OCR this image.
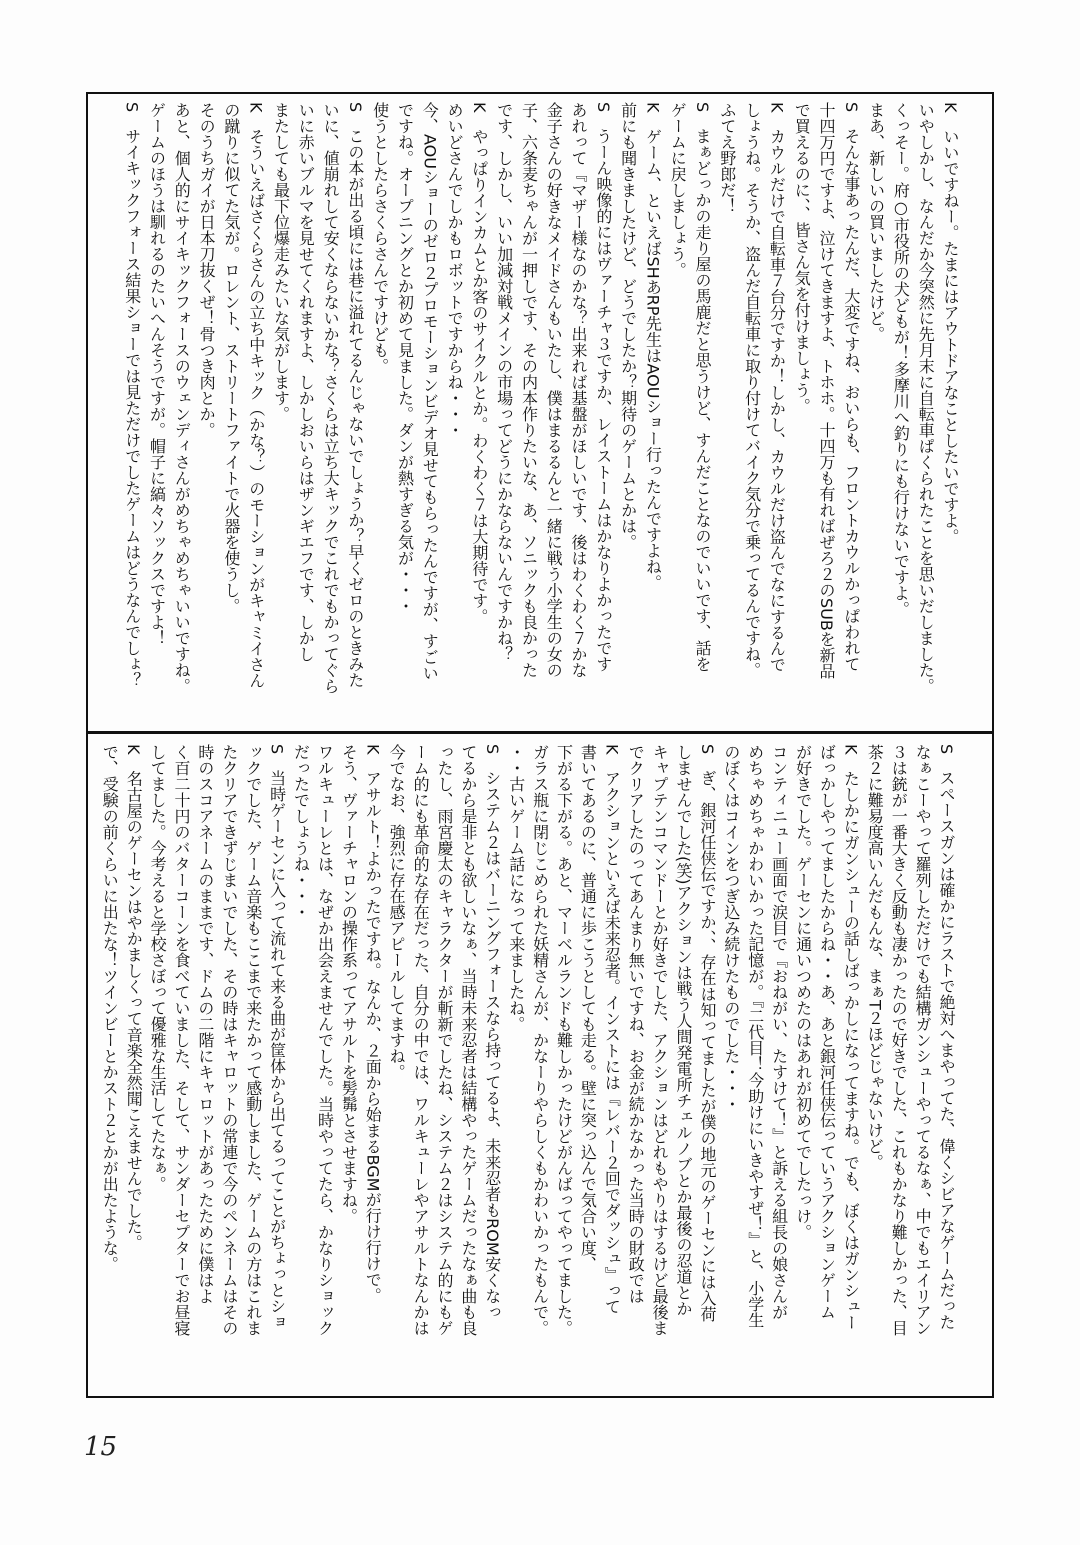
K　いいですねー。たまにはアウトドアなことしたいですよ。
いやしかし、なんだか今突然に先月末に自転車ぱくられたことを思いだしました。
くっそー。府○市役所の犬どもが！多摩川へ釣りにも行けないですよ。
まあ、新しいの買いましたけど。
S　そんな事あったんだ、大変ですね、おいらも、フロントカウルかっぱわれて
十四万円ですよ、泣けてきますよ、トホホ。十四万も有ればぜろ２のSUBを新品
で買えるのに、、皆さん気を付けましょう。
K　カウルだけで自転車７台分ですか！しかし、カウルだけ盗んでなにするんで
しょうね。そうか、盗んだ自転車に取り付けてバイク気分で乗ってるんですね。
ふてえ野郎だ！
S　まぁどっかの走り屋の馬鹿だと思うけど、すんだことなのでいいです、話を
ゲームに戻しましょう。
K　ゲーム、といえばSHあRP先生はAOUショー行ったんですよね。
前にも聞きましたけど、どうでしたか？期待のゲームとかは。
S　うーん映像的にはヴァーチャ３ですか、レイストームはかなりよかったです
あれって『マザー様なのかな？出来れば基盤がほしいです、後はわくわく７かな
金子さんの好きなメイドさんもいたし、僕はまるるんと一緒に戦う小学生の女の
子、六条麦ちゃんが一押しです、その内本作りたいな、あ、ソニックも良かった
です、しかし、いい加減対戦メインの市場ってどうにかならないんですかね？
K　やっぱりインカムとか客のサイクルとか。わくわく７は大期待です。
めいどさんでしかもロボットですからね・・・
今、AOUショーのゼロ２プロモーションビデオ見せてもらったんですが、すごい
ですね。オープニングとか初めて見ました。ダンが熱すぎる気が・・・
使うとしたらさくらさんですけども。
S　この本が出る頃には巷に溢れてるんじゃないでしょうか？早くゼロのときみた
いに、値崩れして安くならないかな？さくらは立ち大キックでこれでもかってぐら
いに赤いブルマを見せてくれますよ、しかしおいらはザンギエフです、しかし
またしても最下位爆走みたいな気がします。
K　そういえばさくらさんの立ち中キック（かな？）のモーションがキャミイさん
の蹴りに似てた気が。ロレント、ストリートファイトで火器を使うし。
そのうちガイが日本刀抜くぜ！骨つき肉とか。
あと、個人的にサイキックフォースのウェンディさんがめちゃめちゃいいですね。
ゲームのほうは馴れるのたいへんそうですが。帽子に縞々ソックスですよ！
S　サイキックフォース結果ショーでは見ただけでしたゲームはどうなんでしょ？
S　スペースガンは確かにラストで絶対へまやってた、偉くシビアなゲームだった
なぁこーやって羅列しただけでも結構ガンシューやってるなぁ、中でもエイリアン
３は銃が一番大きく反動も凄かったので好きでした、これもかなり難しかった、目
茶２に難易度高いんだもんな、まぁT２ほどじゃないけど。
K　たしかにガンシューの話しばっかしになってますね。でも、ぼくはガンシュー
ばっかしやってましたからね・・あ、あと銀河任侠伝っていうアクションゲーム
が好きでした。ゲーセンに通いつめたのはあれが初めてでしたっけ。
コンティニュー画面で涙目で『おねがい、たすけて！』と訴える組長の娘さんが
めちゃめちゃかわいかった記憶が。『二代目！今助けにいきやすぜ！』と、小学生
のぼくはコインをつぎ込み続けたものでした・・・
S　ぎ、銀河任侠伝ですか、、存在は知ってましたが僕の地元のゲーセンには入荷
しませんでした(笑)アクションは戦う人間発電所チェルノブとか最後の忍道とか
キャプテンコマンドーとか好きでした、アクションはどれもやりはするけど最後ま
でクリアしたのってあんまり無いですね、お金が続かなかった当時の財政では
K　アクションといえば未来忍者。インストには『レバー２回でダッシュ』って
書いてあるのに、普通に歩こうとしても走る。壁に突っ込んで気合い度、
下がる下がる。あと、マーベルランドも難しかったけどがんばってやってました。
ガラス瓶に閉じこめられた妖精さんが、かなーりやらしくもかわいかったもんで。
・・古いゲーム話になって来ましたね。
S　システム２はバーニングフォースなら持ってるよ、未来忍者もROM安くなっ
てるから是非とも欲しいなぁ、当時未来忍者は結構やったゲームだったなぁ曲も良
ったし、雨宮慶太のキャラクターが斬新でしたね、システム２はシステム的にもゲ
ーム的にも革命的な存在だった、自分の中では、ワルキューレやアサルトなんかは
今でなお、強烈に存在感アピールしてますね。
K　アサルト！よかったですね。なんか、２面から始まるBGMが行け行けで。
そう、ヴァーチャロンの操作系ってアサルトを髣髴とさせますね。
ワルキューレとは、なぜか出会えませんでした。当時やってたら、かなりショック
だったでしょうね・・・
S　当時ゲーセンに入って流れて来る曲が筐体から出てるってことがちょっとショ
ックでした、ゲーム音楽もここまで来たかって感動しました、ゲームの方はこれま
たクリアできずじまいでした、その時はキャロットの常連で今のペンネームはその
時のスコアネームのままです、ドムの二階にキャロットがあったために僕はよ
く百二十円のバターコーンを食べていました、そして、サンダーセプターでお昼寝
してました。今考えると学校さぼって優雅な生活してたなぁ。
K　名古屋のゲーセンはやかましくって音楽全然聞こえませんでした。
で、受験の前くらいに出たな！ツインビーとかスト２とかが出たような。
15
